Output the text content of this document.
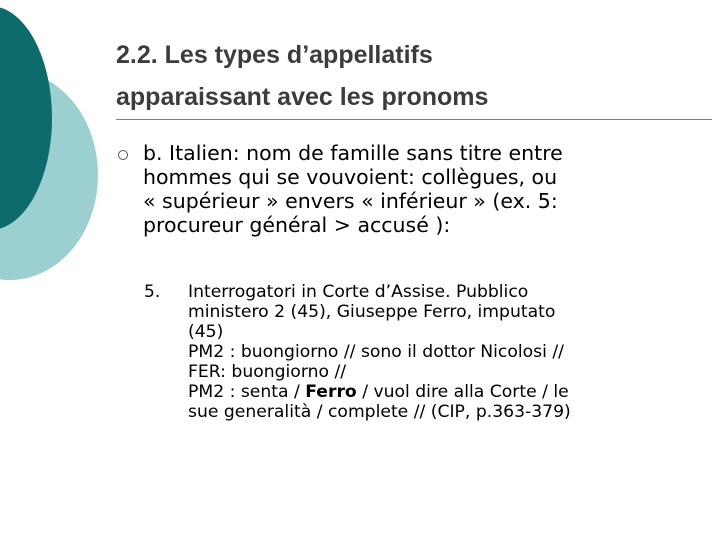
2.2. Les types d’appellatifs
apparaissant avec les pronoms

b. Italien: nom de famille sans titre entre
hommes qui se vouvoient: collègues, ou
« supérieur » envers « inférieur » (ex. 5:
procureur général > accusé ):

5. Interrogatori in Corte d’Assise. Pubblico
ministero 2 (45), Giuseppe Ferro, imputato
(45)
PM2 : buongiorno // sono il dottor Nicolosi //
FER: buongiorno //
PM2 : senta / Ferro / vuol dire alla Corte / le
sue generalità / complete // (CIP, p.363-379)
